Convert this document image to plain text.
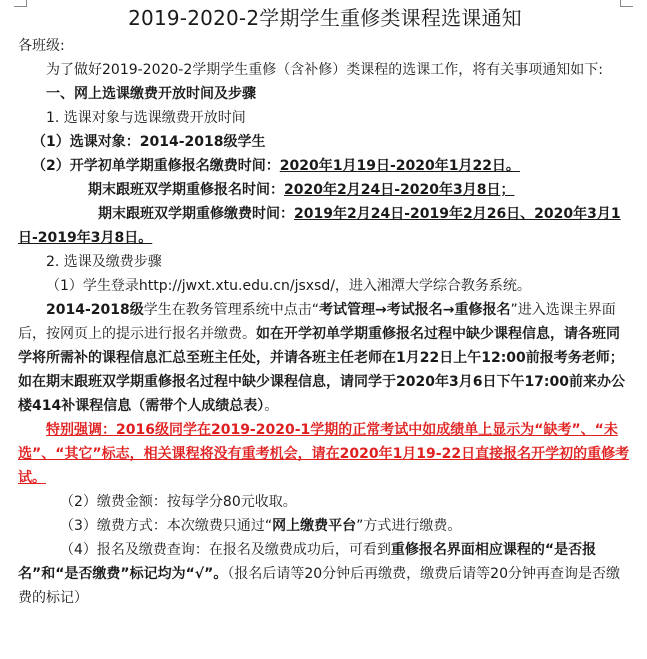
2019-2020-2学期学生重修类课程选课通知

各班级:

为了做好2019-2020-2学期学生重修（含补修）类课程的选课工作，将有关事项通知如下:

一、网上选课缴费开放时间及步骤

1. 选课对象与选课缴费开放时间

（1）选课对象：2014-2018级学生

（2）开学初单学期重修报名缴费时间：2020年1月19日-2020年1月22日。

期末跟班双学期重修报名时间：2020年2月24日-2020年3月8日；

期末跟班双学期重修缴费时间：2019年2月24日-2019年2月26日、2020年3月1日-2019年3月8日。

2. 选课及缴费步骤

（1）学生登录http://jwxt.xtu.edu.cn/jsxsd/，进入湘潭大学综合教务系统。

2014-2018级学生在教务管理系统中点击“考试管理→考试报名→重修报名”进入选课主界面后，按网页上的提示进行报名并缴费。如在开学初单学期重修报名过程中缺少课程信息，请各班同学将所需补的课程信息汇总至班主任处，并请各班主任老师在1月22日上午12:00前报考务老师；如在期末跟班双学期重修报名过程中缺少课程信息，请同学于2020年3月6日下午17:00前来办公楼414补课程信息（需带个人成绩总表）。

特别强调：2016级同学在2019-2020-1学期的正常考试中如成绩单上显示为“缺考”、“未选”、“其它”标志，相关课程将没有重考机会，请在2020年1月19-22日直接报名开学初的重修考试。

（2）缴费金额：按每学分80元收取。

（3）缴费方式：本次缴费只通过“网上缴费平台”方式进行缴费。

（4）报名及缴费查询：在报名及缴费成功后，可看到重修报名界面相应课程的“是否报名”和“是否缴费”标记均为“√”。（报名后请等20分钟后再缴费，缴费后请等20分钟再查询是否缴费的标记）
